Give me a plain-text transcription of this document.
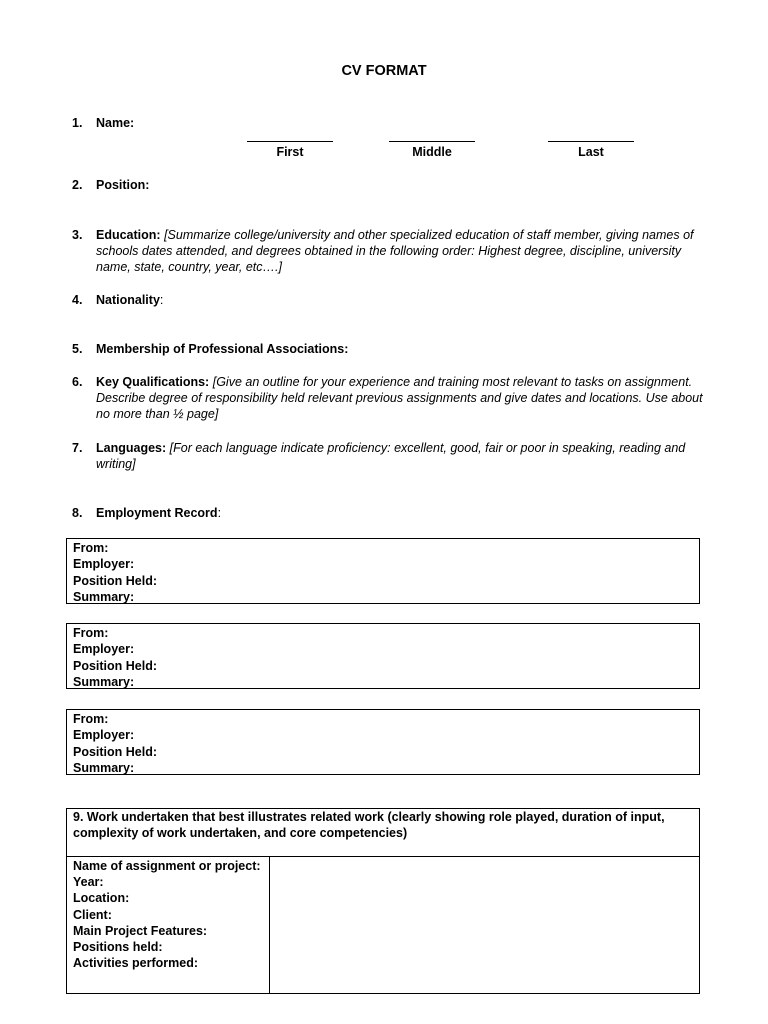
CV FORMAT
1. Name:
First	Middle	Last
2. Position:
3. Education: [Summarize college/university and other specialized education of staff member, giving names of schools dates attended, and degrees obtained in the following order: Highest degree, discipline, university name, state, country, year, etc….]
4. Nationality:
5. Membership of Professional Associations:
6. Key Qualifications: [Give an outline for your experience and training most relevant to tasks on assignment. Describe degree of responsibility held relevant previous assignments and give dates and locations. Use about no more than ½ page]
7. Languages: [For each language indicate proficiency: excellent, good, fair or poor in speaking, reading and writing]
8. Employment Record:
From:
Employer:
Position Held:
Summary:
From:
Employer:
Position Held:
Summary:
From:
Employer:
Position Held:
Summary:
9. Work undertaken that best illustrates related work (clearly showing role played, duration of input, complexity of work undertaken, and core competencies)
Name of assignment or project:
Year:
Location:
Client:
Main Project Features:
Positions held:
Activities performed:
